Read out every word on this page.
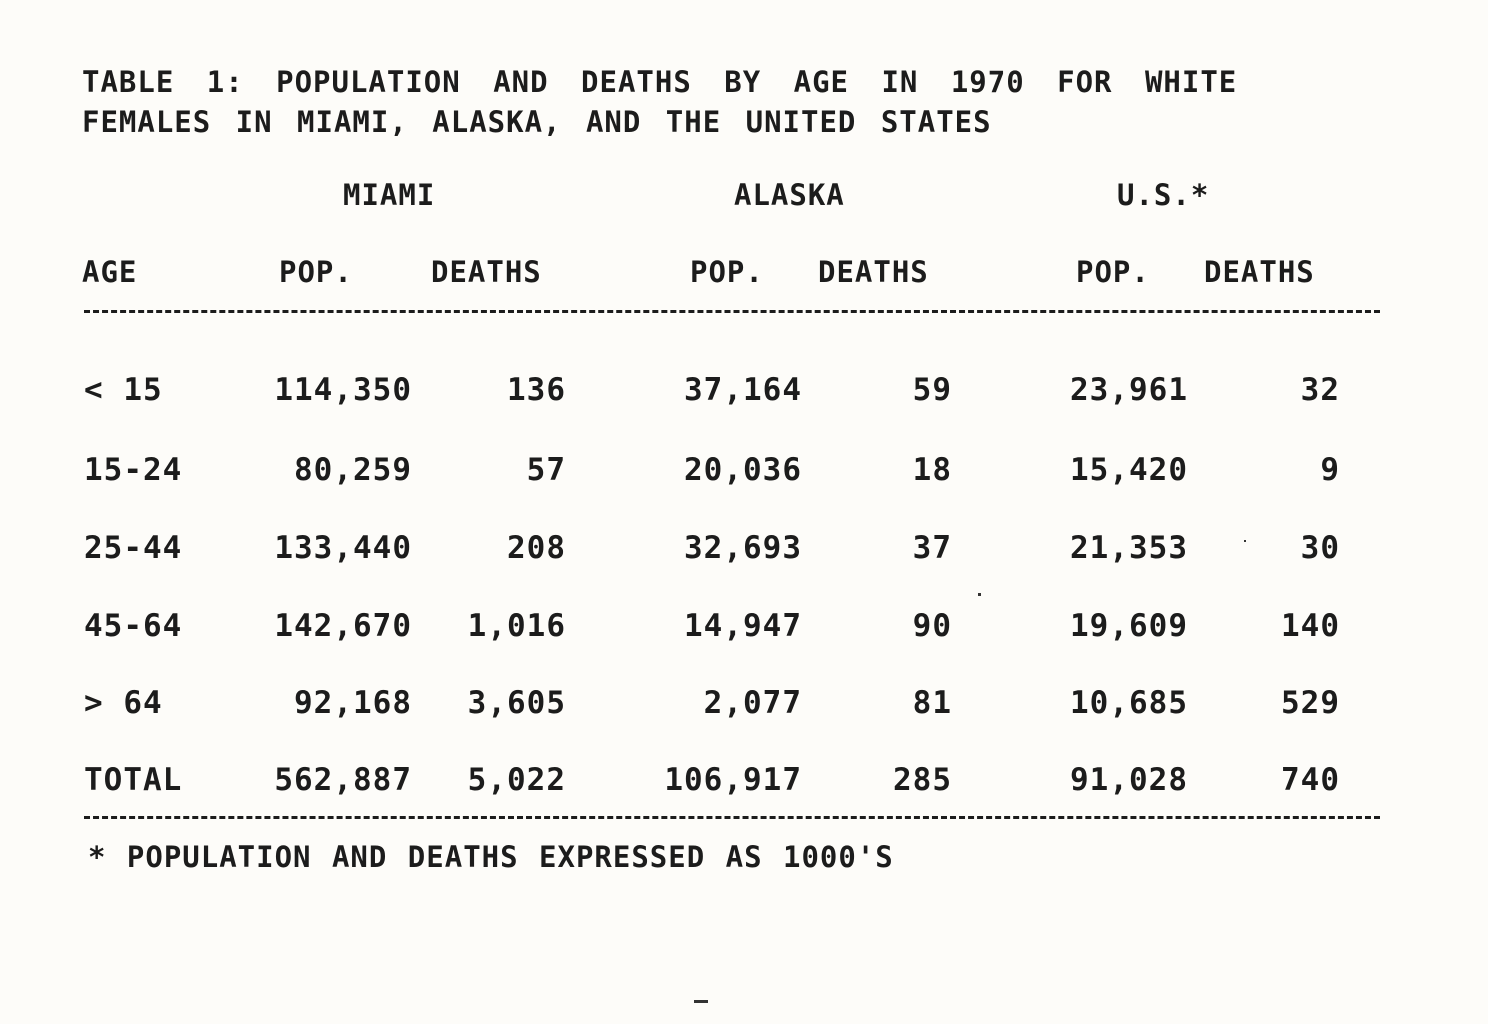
TABLE 1: POPULATION AND DEATHS BY AGE IN 1970 FOR WHITE
FEMALES IN MIAMI, ALASKA, AND THE UNITED STATES
MIAMI	ALASKA	U.S.*
AGE	POP.	DEATHS	POP. DEATHS	POP. DEATHS
< 15	114,350	136	37,164	59	23,961	32
15-24	80,259	57	20,036	18	15,420	9
25-44	133,440	208	32,693	37	21,353	30
45-64	142,670 1,016	14,947	90	19,609	140
> 64	92,168 3,605	2,077	81	10,685	529
TOTAL	562,887 5,022	106,917	285	91,028	740
* POPULATION AND DEATHS EXPRESSED AS 1000'S
